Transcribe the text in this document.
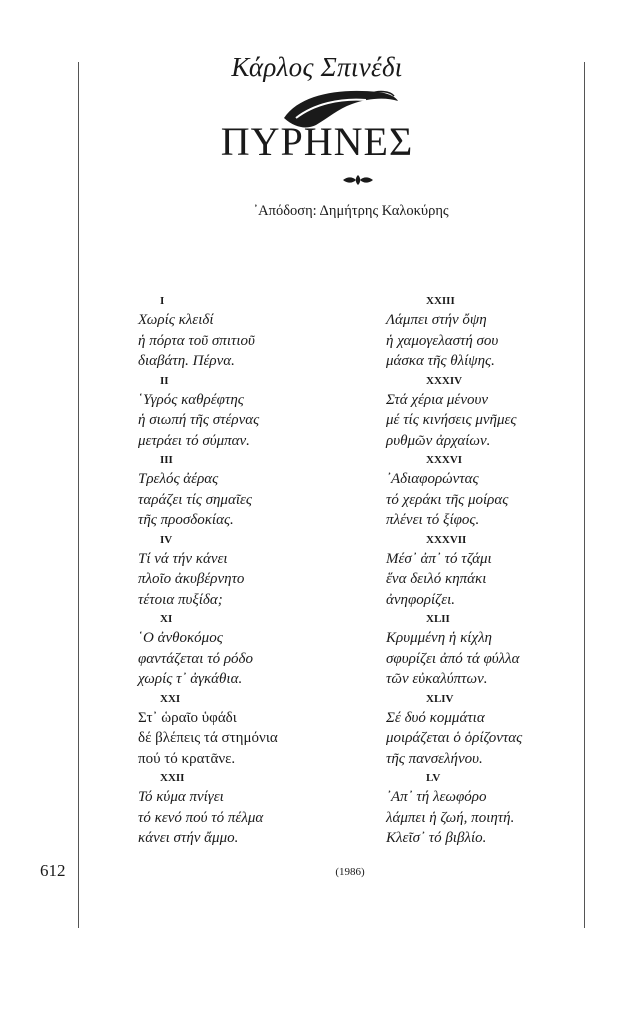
Κάρλος Σπινέδι
ΠΥΡΗΝΕΣ
᾿Απόδοση: Δημήτρης Καλοκύρης
I
Χωρίς κλειδί
ἡ πόρτα τοῦ σπιτιοῦ
διαβάτη. Πέρνα.
II
῾Υγρός καθρέφτης
ἡ σιωπή τῆς στέρνας
μετράει τό σύμπαν.
III
Τρελός ἀέρας
ταράζει τίς σημαῖες
τῆς προσδοκίας.
IV
Τί νά τήν κάνει
πλοῖο ἀκυβέρνητο
τέτοια πυξίδα;
XI
῾Ο ἀνθοκόμος
φαντάζεται τό ρόδο
χωρίς τ᾿ ἀγκάθια.
XXI
Στ᾿ ὡραῖο ὑφάδι
δέ βλέπεις τά στημόνια
πού τό κρατᾶνε.
XXII
Τό κύμα πνίγει
τό κενό πού τό πέλμα
κάνει στήν ἄμμο.
XXIII
Λάμπει στήν ὄψη
ἡ χαμογελαστή σου
μάσκα τῆς θλίψης.
XXXIV
Στά χέρια μένουν
μέ τίς κινήσεις μνῆμες
ρυθμῶν ἀρχαίων.
XXXVI
᾿Αδιαφορώντας
τό χεράκι τῆς μοίρας
πλένει τό ξίφος.
XXXVII
Μέσ᾿ ἀπ᾿ τό τζάμι
ἕνα δειλό κηπάκι
ἀνηφορίζει.
XLII
Κρυμμένη ἡ κίχλη
σφυρίζει ἀπό τά φύλλα
τῶν εὐκαλύπτων.
XLIV
Σέ δυό κομμάτια
μοιράζεται ὁ ὁρίζοντας
τῆς πανσελήνου.
LV
᾿Απ᾿ τή λεωφόρο
λάμπει ἡ ζωή, ποιητή.
Κλεῖσ᾿ τό βιβλίο.
612	(1986)
